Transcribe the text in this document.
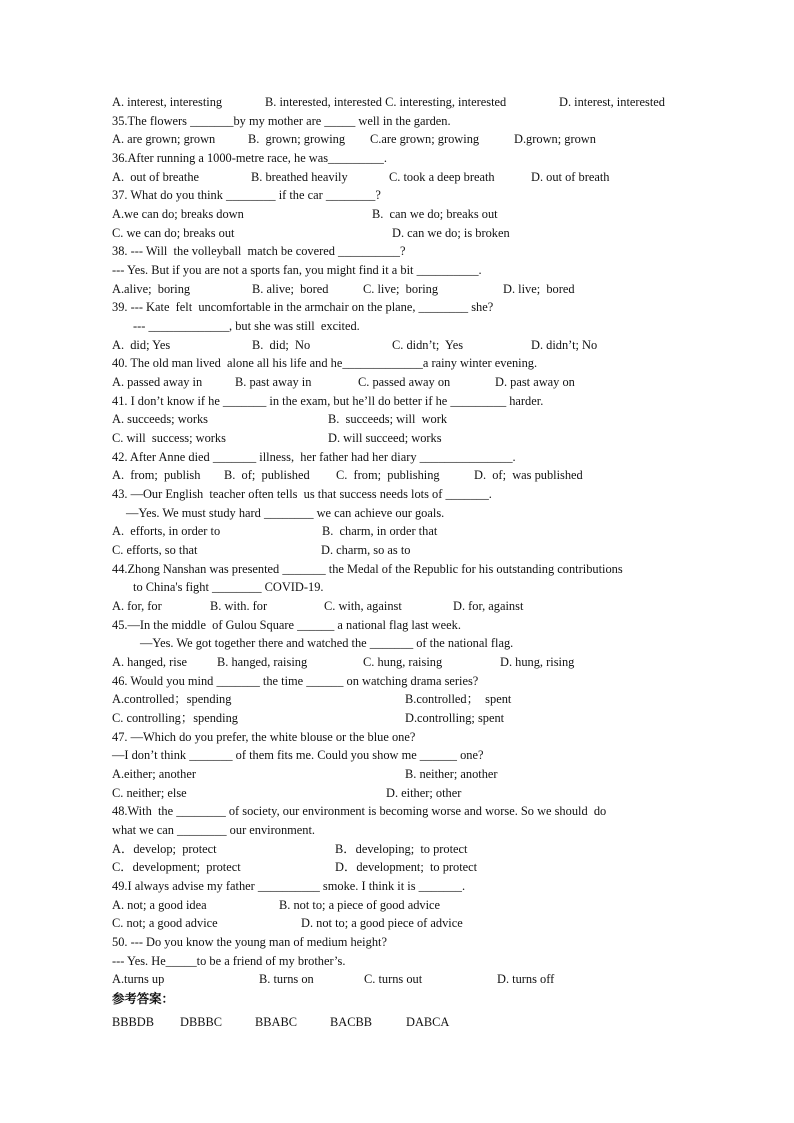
A. interest, interesting

	B. interested, interested C. interesting, interested

	D. interest, interested

35.The flowers _______by my mother are _____ well in the garden.

A. are grown; grown

	B.  grown; growing

C.are grown; growing

	D.grown; grown

36.After running a 1000-metre race, he was_________.

A.  out of breathe

	B. breathed heavily

	C. took a deep breath

	D. out of breath

37. What do you think ________ if the car ________?

A.we can do; breaks down

	B.  can we do; breaks out

C. we can do; breaks out

	D. can we do; is broken

38. --- Will  the volleyball  match be covered __________?
--- Yes. But if you are not a sports fan, you might find it a bit __________.

A.alive;  boring

	B. alive;  bored

	C. live;  boring

	D. live;  bored

39. --- Kate  felt  uncomfortable in the armchair on the plane, ________ she?
--- _____________, but she was still  excited.

A.  did; Yes

	B.  did;  No

	C. didn’t;  Yes

	D. didn’t; No

40. The old man lived  alone all his life and he_____________a rainy winter evening.

A. passed away in

	B. past away in

	C. passed away on

	D. past away on

41. I don’t know if he _______ in the exam, but he’ll do better if he _________ harder.

A. succeeds; works

	B.  succeeds; will  work

C. will  success; works

	D. will succeed; works

42. After Anne died _______ illness,  her father had her diary _______________.

A.  from;  publish

B.  of;  published

C.  from;  publishing

	D.  of;  was published

43. —Our English  teacher often tells  us that success needs lots of _______.
—Yes. We must study hard ________ we can achieve our goals.

A.  efforts, in order to

	B.  charm, in order that

C. efforts, so that

	D. charm, so as to

44.Zhong Nanshan was presented _______ the Medal of the Republic for his outstanding contributions
to China's fight ________ COVID-19.

A. for, for

	B. with. for

	C. with, against

	D. for, against

45.—In the middle  of Gulou Square ______ a national flag last week.
—Yes. We got together there and watched the _______ of the national flag.

A. hanged, rise

B. hanged, raising

	C. hung, raising

	D. hung, rising

46. Would you mind _______ the time ______ on watching drama series?

A.controlled；spending

	B.controlled；  spent

C. controlling；spending

	D.controlling; spent

47. —Which do you prefer, the white blouse or the blue one?
—I don’t think _______ of them fits me. Could you show me ______ one?

A.either; another

	B. neither; another

C. neither; else

	D. either; other

48.With  the ________ of society, our environment is becoming worse and worse. So we should  do
what we can ________ our environment.

A．develop;  protect

	B．developing;  to protect

C．development;  protect

	D．development;  to protect

49.I always advise my father __________ smoke. I think it is _______.

A. not; a good idea

	B. not to; a piece of good advice

C. not; a good advice

	D. not to; a good piece of advice

50. --- Do you know the young man of medium height?
--- Yes. He_____to be a friend of my brother’s.

A.turns up

	B. turns on

	C. turns out

	D. turns off

参考答案：

BBBDB

DBBBC

	BBABC

	BACBB

	DABCA
